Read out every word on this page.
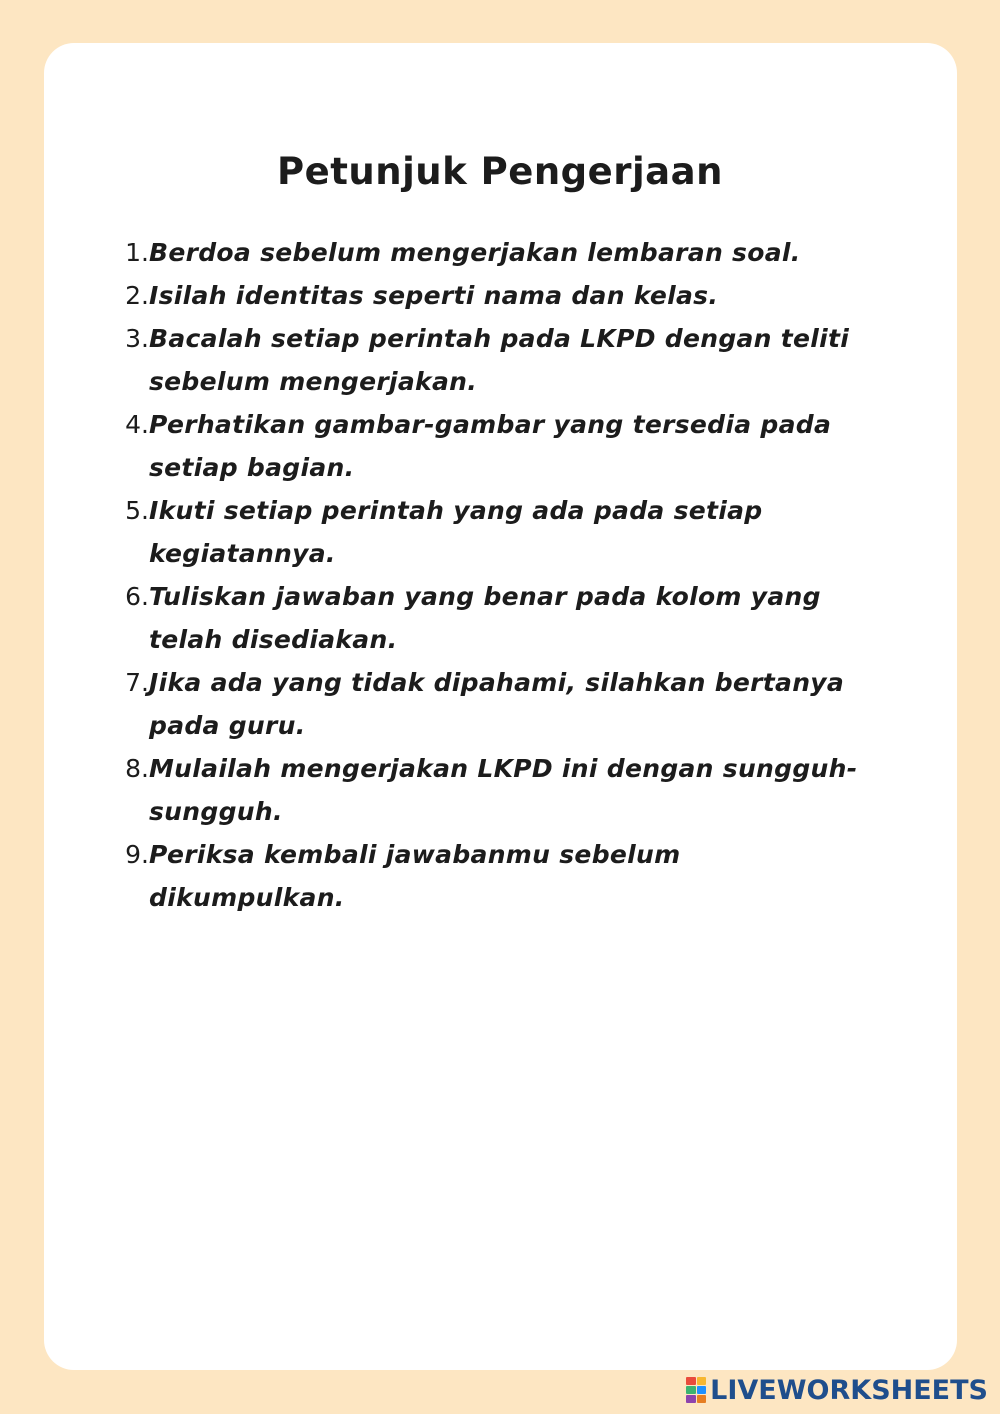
Petunjuk Pengerjaan
1. Berdoa sebelum mengerjakan lembaran soal.
2. Isilah identitas seperti nama dan kelas.
3. Bacalah setiap perintah pada LKPD dengan teliti
sebelum mengerjakan.
4. Perhatikan gambar-gambar yang tersedia pada
setiap bagian.
5. Ikuti setiap perintah yang ada pada setiap
kegiatannya.
6. Tuliskan jawaban yang benar pada kolom yang
telah disediakan.
7. Jika ada yang tidak dipahami, silahkan bertanya
pada guru.
8. Mulailah mengerjakan LKPD ini dengan sungguh-
sungguh.
9. Periksa kembali jawabanmu sebelum
dikumpulkan.
LIVEWORKSHEETS
